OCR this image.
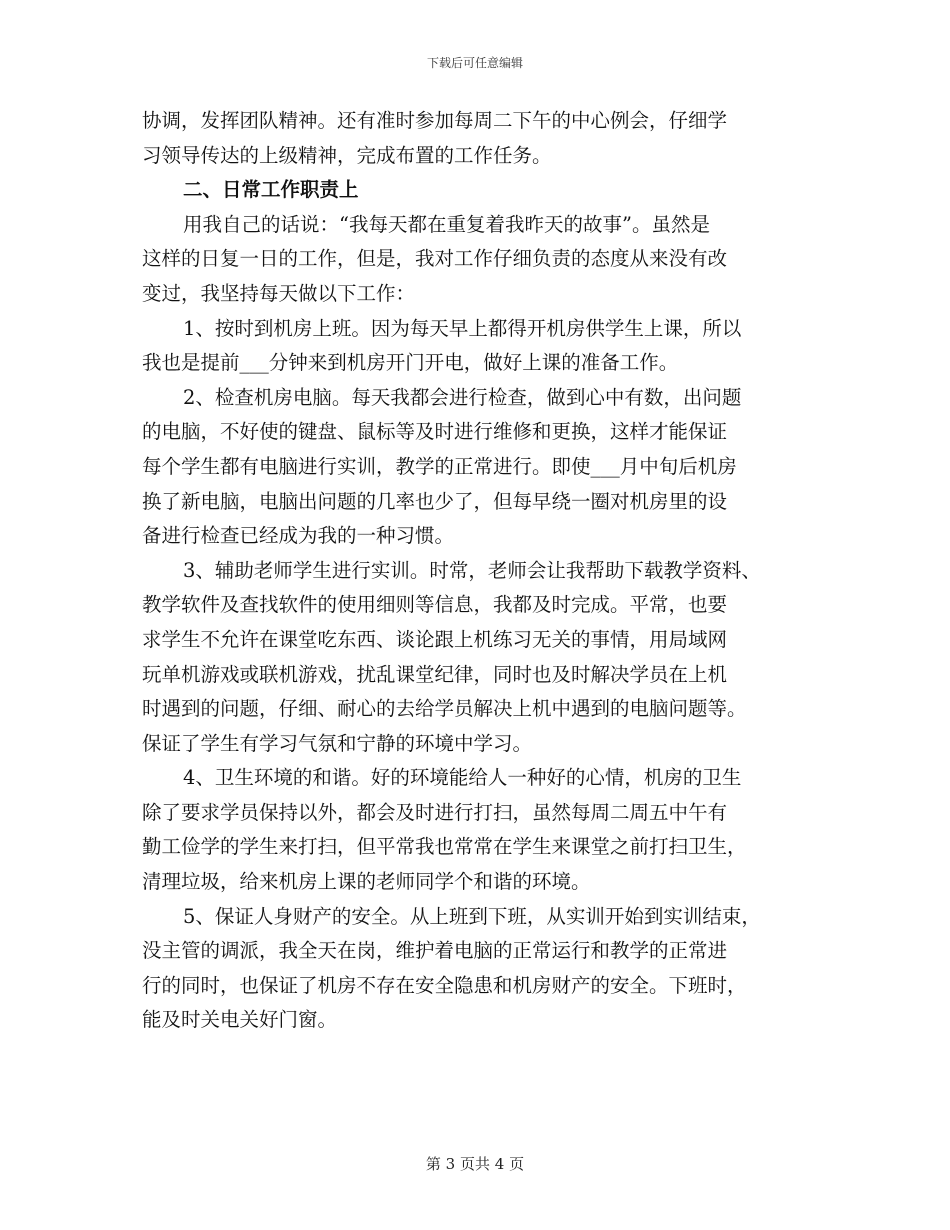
下载后可任意编辑
协调，发挥团队精神。还有准时参加每周二下午的中心例会，仔细学
习领导传达的上级精神，完成布置的工作任务。
二、日常工作职责上
用我自己的话说：“我每天都在重复着我昨天的故事”。虽然是
这样的日复一日的工作，但是，我对工作仔细负责的态度从来没有改
变过，我坚持每天做以下工作：
1、按时到机房上班。因为每天早上都得开机房供学生上课，所以
我也是提前___分钟来到机房开门开电，做好上课的准备工作。
2、检查机房电脑。每天我都会进行检查，做到心中有数，出问题
的电脑，不好使的键盘、鼠标等及时进行维修和更换，这样才能保证
每个学生都有电脑进行实训，教学的正常进行。即使___月中旬后机房
换了新电脑，电脑出问题的几率也少了，但每早绕一圈对机房里的设
备进行检查已经成为我的一种习惯。
3、辅助老师学生进行实训。时常，老师会让我帮助下载教学资料、
教学软件及查找软件的使用细则等信息，我都及时完成。平常，也要
求学生不允许在课堂吃东西、谈论跟上机练习无关的事情，用局域网
玩单机游戏或联机游戏，扰乱课堂纪律，同时也及时解决学员在上机
时遇到的问题，仔细、耐心的去给学员解决上机中遇到的电脑问题等。
保证了学生有学习气氛和宁静的环境中学习。
4、卫生环境的和谐。好的环境能给人一种好的心情，机房的卫生
除了要求学员保持以外，都会及时进行打扫，虽然每周二周五中午有
勤工俭学的学生来打扫，但平常我也常常在学生来课堂之前打扫卫生，
清理垃圾，给来机房上课的老师同学个和谐的环境。
5、保证人身财产的安全。从上班到下班，从实训开始到实训结束，
没主管的调派，我全天在岗，维护着电脑的正常运行和教学的正常进
行的同时，也保证了机房不存在安全隐患和机房财产的安全。下班时，
能及时关电关好门窗。
第 3 页共 4 页
